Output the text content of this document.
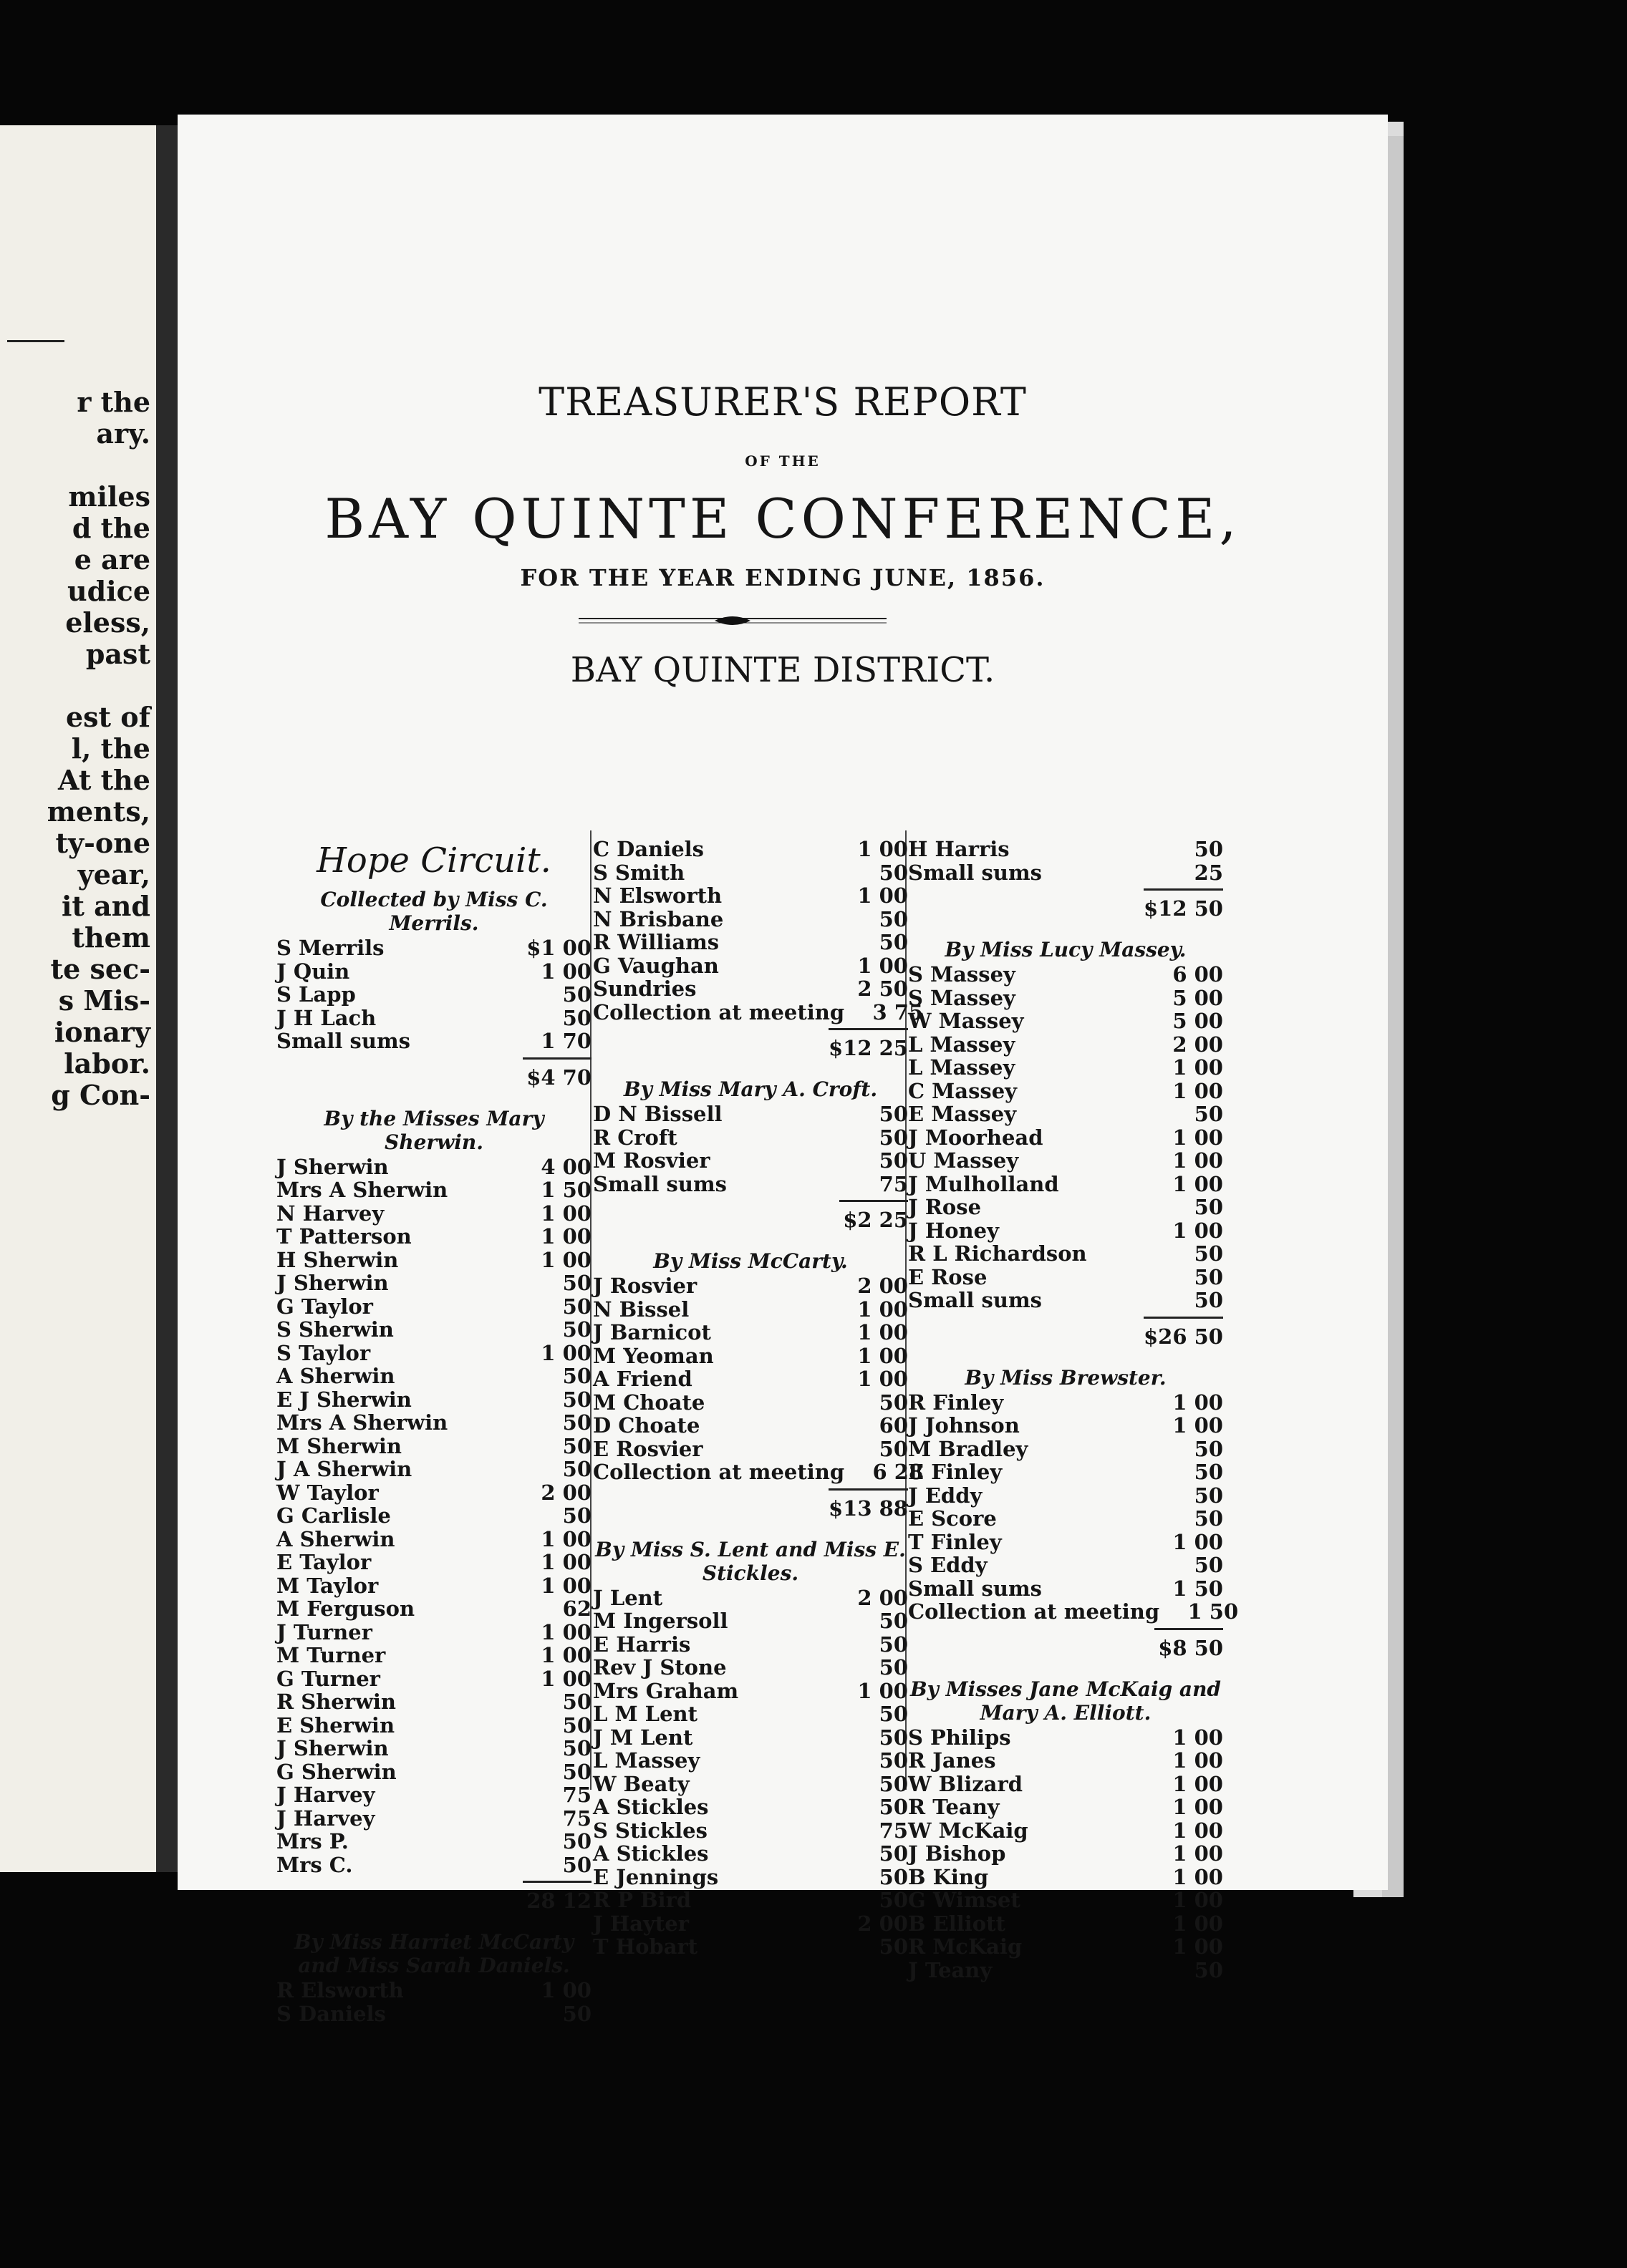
r the
ary.
miles
d the
e are
udice
eless,
past
est of
l, the
At the
ments,
ty-one
year,
it and
them
te sec-
s Mis-
ionary
labor.
g Con-
TREASURER'S REPORT
OF THE
BAY QUINTE CONFERENCE,
FOR THE YEAR ENDING JUNE, 1856.
BAY QUINTE DISTRICT.
Hope Circuit.
Collected by Miss C. Merrils.
S Merrils	$1 00
J Quin	1 00
S Lapp	50
J H Lach	50
Small sums	1 70
$4 70
By the Misses Mary Sherwin.
J Sherwin	4 00
Mrs A Sherwin	1 50
N Harvey	1 00
T Patterson	1 00
H Sherwin	1 00
J Sherwin	50
G Taylor	50
S Sherwin	50
S Taylor	1 00
A Sherwin	50
E J Sherwin	50
Mrs A Sherwin	50
M Sherwin	50
J A Sherwin	50
W Taylor	2 00
G Carlisle	50
A Sherwin	1 00
E Taylor	1 00
M Taylor	1 00
M Ferguson	62
J Turner	1 00
M Turner	1 00
G Turner	1 00
R Sherwin	50
E Sherwin	50
J Sherwin	50
G Sherwin	50
J Harvey	75
J Harvey	75
Mrs P.	50
Mrs C.	50
28 12
By Miss Harriet McCarty and Miss Sarah Daniels.
R Elsworth	1 00
S Daniels	50
C Daniels	1 00
S Smith	50
N Elsworth	1 00
N Brisbane	50
R Williams	50
G Vaughan	1 00
Sundries	2 50
Collection at meeting	3 75
$12 25
By Miss Mary A. Croft.
D N Bissell	50
R Croft	50
M Rosvier	50
Small sums	75
$2 25
By Miss McCarty.
J Rosvier	2 00
N Bissel	1 00
J Barnicot	1 00
M Yeoman	1 00
A Friend	1 00
M Choate	50
D Choate	60
E Rosvier	50
Collection at meeting	6 28
$13 88
By Miss S. Lent and Miss E. Stickles.
J Lent	2 00
M Ingersoll	50
E Harris	50
Rev J Stone	50
Mrs Graham	1 00
L M Lent	50
J M Lent	50
L Massey	50
W Beaty	50
A Stickles	50
S Stickles	75
A Stickles	50
E Jennings	50
R P Bird	50
J Hayter	2 00
T Hobart	50
H Harris	50
Small sums	25
$12 50
By Miss Lucy Massey.
S Massey	6 00
S Massey	5 00
W Massey	5 00
L Massey	2 00
L Massey	1 00
C Massey	1 00
E Massey	50
J Moorhead	1 00
U Massey	1 00
J Mulholland	1 00
J Rose	50
J Honey	1 00
R L Richardson	50
E Rose	50
Small sums	50
$26 50
By Miss Brewster.
R Finley	1 00
J Johnson	1 00
M Bradley	50
E Finley	50
J Eddy	50
E Score	50
T Finley	1 00
S Eddy	50
Small sums	1 50
Collection at meeting	1 50
$8 50
By Misses Jane McKaig and Mary A. Elliott.
S Philips	1 00
R Janes	1 00
W Blizard	1 00
R Teany	1 00
W McKaig	1 00
J Bishop	1 00
B King	1 00
G Wimset	1 00
B Elliott	1 00
R McKaig	1 00
J Teany	50
